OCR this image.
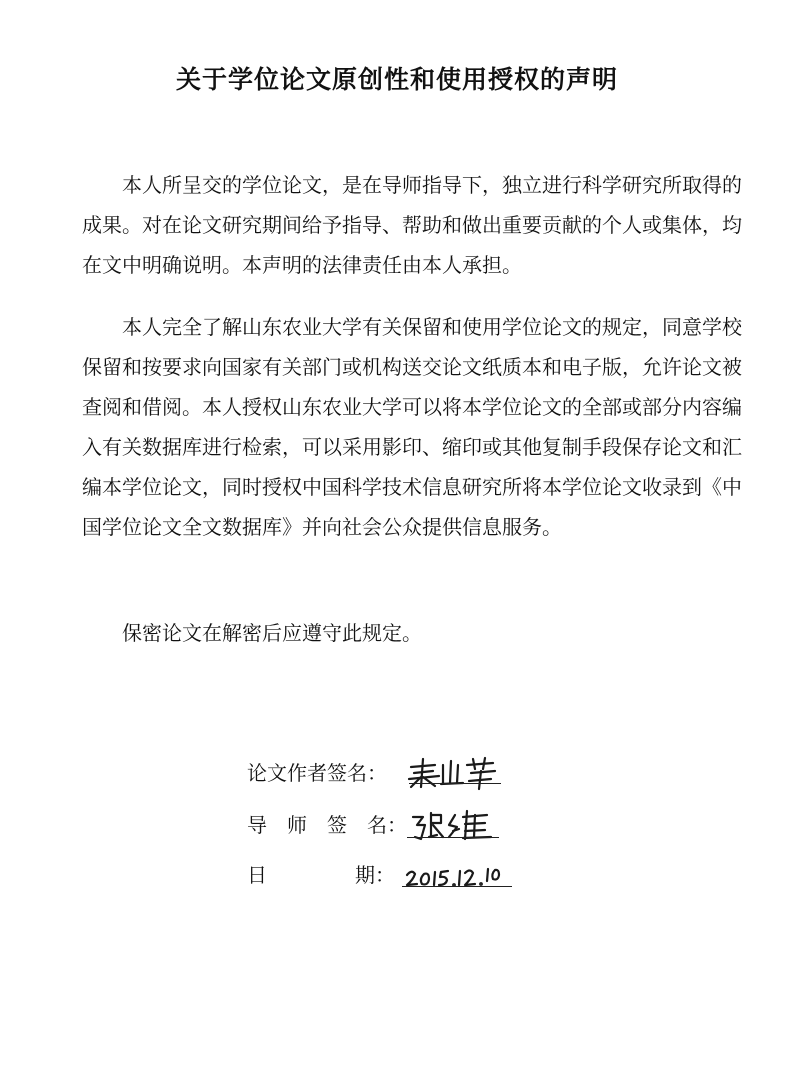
关于学位论文原创性和使用授权的声明

本人所呈交的学位论文，是在导师指导下，独立进行科学研究所取得的成果。对在论文研究期间给予指导、帮助和做出重要贡献的个人或集体，均在文中明确说明。本声明的法律责任由本人承担。

本人完全了解山东农业大学有关保留和使用学位论文的规定，同意学校保留和按要求向国家有关部门或机构送交论文纸质本和电子版，允许论文被查阅和借阅。本人授权山东农业大学可以将本学位论文的全部或部分内容编入有关数据库进行检索，可以采用影印、缩印或其他复制手段保存论文和汇编本学位论文，同时授权中国科学技术信息研究所将本学位论文收录到《中国学位论文全文数据库》并向社会公众提供信息服务。

保密论文在解密后应遵守此规定。

论文作者签名：
导 师 签 名：
日	期：
